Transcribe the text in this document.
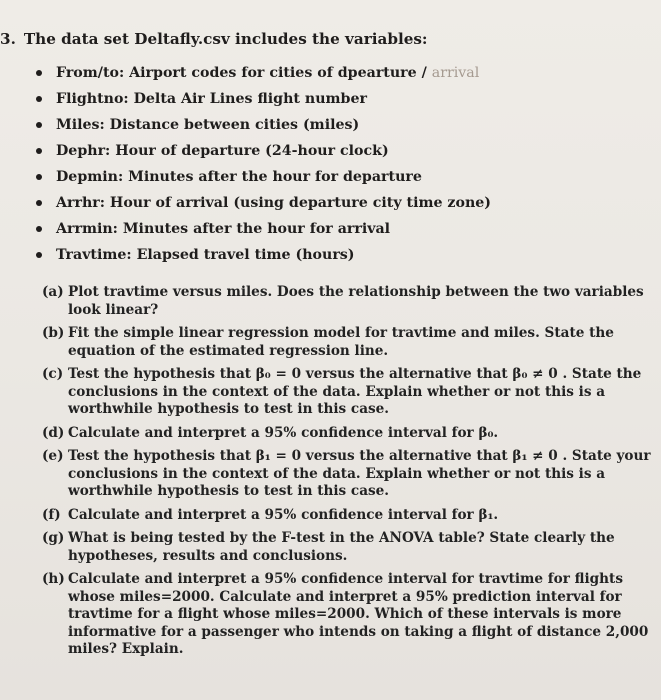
3. The data set Deltafly.csv includes the variables:
From/to: Airport codes for cities of dpearture / arrival
Flightno: Delta Air Lines flight number
Miles: Distance between cities (miles)
Dephr: Hour of departure (24-hour clock)
Depmin: Minutes after the hour for departure
Arrhr: Hour of arrival (using departure city time zone)
Arrmin: Minutes after the hour for arrival
Travtime: Elapsed travel time (hours)
(a) Plot travtime versus miles. Does the relationship between the two variables look linear?
(b) Fit the simple linear regression model for travtime and miles. State the equation of the estimated regression line.
(c) Test the hypothesis that β₀ = 0 versus the alternative that β₀ ≠ 0 . State the conclusions in the context of the data. Explain whether or not this is a worthwhile hypothesis to test in this case.
(d) Calculate and interpret a 95% confidence interval for β₀.
(e) Test the hypothesis that β₁ = 0 versus the alternative that β₁ ≠ 0 . State your conclusions in the context of the data. Explain whether or not this is a worthwhile hypothesis to test in this case.
(f) Calculate and interpret a 95% confidence interval for β₁.
(g) What is being tested by the F-test in the ANOVA table? State clearly the hypotheses, results and conclusions.
(h) Calculate and interpret a 95% confidence interval for travtime for flights whose miles=2000. Calculate and interpret a 95% prediction interval for travtime for a flight whose miles=2000. Which of these intervals is more informative for a passenger who intends on taking a flight of distance 2,000 miles? Explain.
